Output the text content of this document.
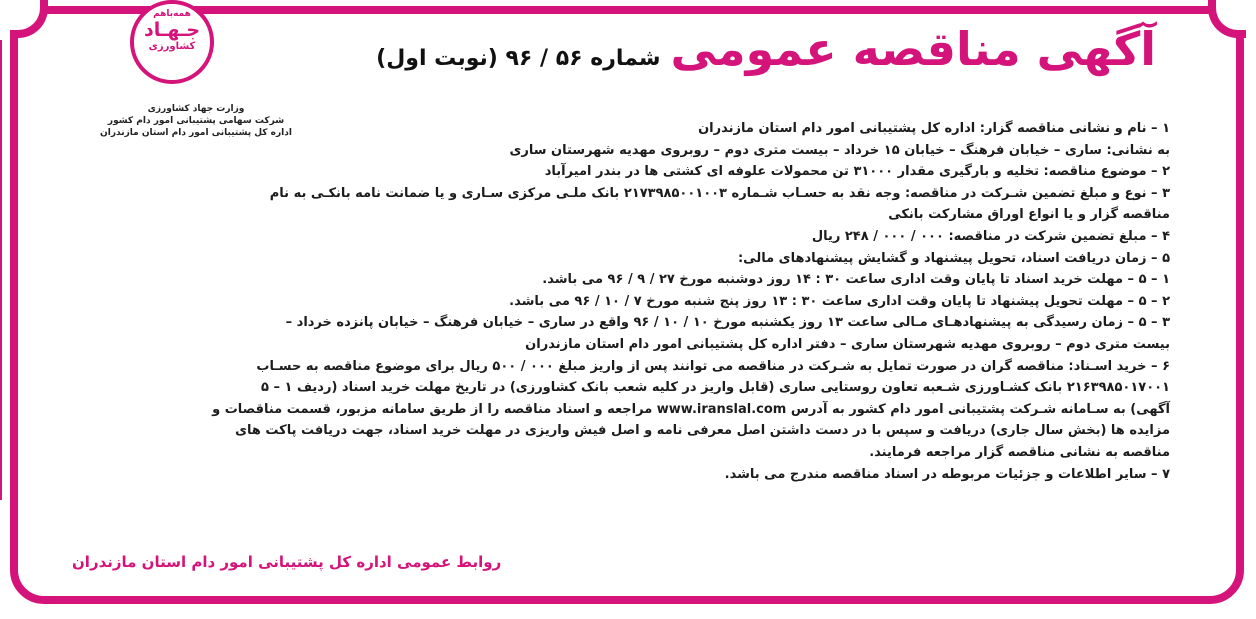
همه‌باهم
جـهـاد
کشاورزی
وزارت جهاد کشاورزی
شرکت سهامی پشتیبانی امور دام کشور
اداره کل پشتیبانی امور دام استان مازندران
آگهی مناقصه عمومی
شماره ۵۶ / ۹۶ (نوبت اول)
۱ – نام و نشانی مناقصه گزار: اداره کل پشتیبانی امور دام استان مازندران
به نشانی: ساری – خیابان فرهنگ – خیابان ۱۵ خرداد – بیست متری دوم – روبروی مهدیه شهرستان ساری
۲ – موضوع مناقصه: تخلیه و بارگیری مقدار ۳۱۰۰۰ تن محمولات علوفه ای کشتی ها در بندر امیرآباد
۳ – نوع و مبلغ تضمین شـرکت در مناقصه: وجه نقد به حسـاب شـماره ۲۱۷۳۹۸۵۰۰۱۰۰۳ بانک ملـی مرکزی سـاری و یا ضمانت نامه بانکـی به نام
مناقصه گزار و یا انواع اوراق مشارکت بانکی
۴ – مبلغ تضمین شرکت در مناقصه: ۰۰۰ / ۰۰۰ / ۲۴۸ ریال
۵ – زمان دریافت اسناد، تحویل پیشنهاد و گشایش پیشنهادهای مالی:
۱ – ۵ – مهلت خرید اسناد تا پایان وقت اداری ساعت ۳۰ : ۱۴ روز دوشنبه مورخ ۲۷ / ۹ / ۹۶ می باشد.
۲ – ۵ – مهلت تحویل پیشنهاد تا پایان وقت اداری ساعت ۳۰ : ۱۳ روز پنج شنبه مورخ ۷ / ۱۰ / ۹۶ می باشد.
۳ – ۵ – زمان رسیدگی به پیشنهادهـای مـالی ساعت ۱۳ روز یکشنبه مورخ ۱۰ / ۱۰ / ۹۶ واقع در ساری – خیابان فرهنگ – خیابان پانزده خرداد –
بیست متری دوم – روبروی مهدیه شهرستان ساری – دفتر اداره کل پشتیبانی امور دام استان مازندران
۶ – خرید اسـناد: مناقصه گران در صورت تمایل به شـرکت در مناقصه می توانند پس از واریز مبلغ ۰۰۰ / ۵۰۰ ریال برای موضوع مناقصه به حسـاب
۲۱۶۳۹۸۵۰۱۷۰۰۱ بانک کشـاورزی شـعبه تعاون روستایی ساری (قابل واریز در کلیه شعب بانک کشاورزی) در تاریخ مهلت خرید اسناد (ردیف ۱ – ۵
آگهی) به سـامانه شـرکت پشتیبانی امور دام کشور به آدرس www.iranslal.com مراجعه و اسناد مناقصه را از طریق سامانه مزبور، قسمت مناقصات و
مزایده ها (بخش سال جاری) دریافت و سپس با در دست داشتن اصل معرفی نامه و اصل فیش واریزی در مهلت خرید اسناد، جهت دریافت پاکت های
مناقصه به نشانی مناقصه گزار مراجعه فرمایند.
۷ – سایر اطلاعات و جزئیات مربوطه در اسناد مناقصه مندرج می باشد.
روابط عمومی اداره کل پشتیبانی امور دام استان مازندران
